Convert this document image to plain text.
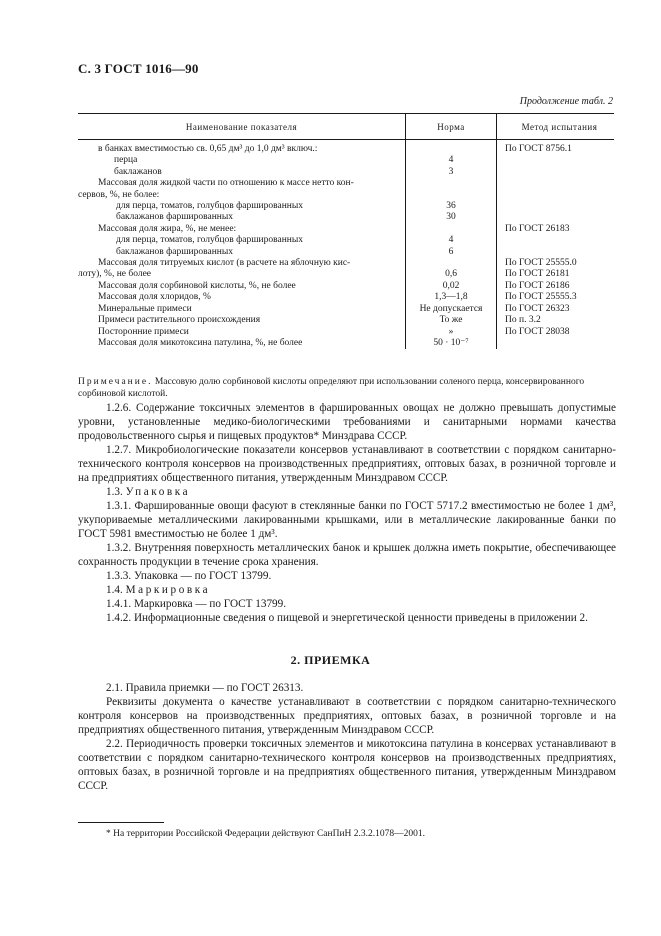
С. 3 ГОСТ 1016—90
Продолжение табл. 2
Наименование показателя	Норма	Метод испытания
в банках вместимостью св. 0,65 дм³ до 1,0 дм³ включ.:		По ГОСТ 8756.1
перца	4	
баклажанов	3	
Массовая доля жидкой части по отношению к массе нетто кон-		
сервов, %, не более:		
для перца, томатов, голубцов фаршированных	36	
баклажанов фаршированных	30	
Массовая доля жира, %, не менее:		По ГОСТ 26183
для перца, томатов, голубцов фаршированных	4	
баклажанов фаршированных	6	
Массовая доля титруемых кислот (в расчете на яблочную кис-		По ГОСТ 25555.0
лоту), %, не более	0,6	По ГОСТ 26181
Массовая доля сорбиновой кислоты, %, не более	0,02	По ГОСТ 26186
Массовая доля хлоридов, %	1,3—1,8	По ГОСТ 25555.3
Минеральные примеси	Не допускается	По ГОСТ 26323
Примеси растительного происхождения	То же	По п. 3.2
Посторонние примеси	»	По ГОСТ 28038
Массовая доля микотоксина патулина, %, не более	50 · 10⁻⁷	
Примечание. Массовую долю сорбиновой кислоты определяют при использовании соленого перца, консервированного сорбиновой кислотой.

1.2.6. Содержание токсичных элементов в фаршированных овощах не должно превышать допустимые уровни, установленные медико-биологическими требованиями и санитарными нормами качества продовольственного сырья и пищевых продуктов* Минздрава СССР.

1.2.7. Микробиологические показатели консервов устанавливают в соответствии с порядком санитарно-технического контроля консервов на производственных предприятиях, оптовых базах, в розничной торговле и на предприятиях общественного питания, утвержденным Минздравом СССР.

1.3. Упаковка

1.3.1. Фаршированные овощи фасуют в стеклянные банки по ГОСТ 5717.2 вместимостью не более 1 дм³, укупориваемые металлическими лакированными крышками, или в металлические лакированные банки по ГОСТ 5981 вместимостью не более 1 дм³.

1.3.2. Внутренняя поверхность металлических банок и крышек должна иметь покрытие, обеспечивающее сохранность продукции в течение срока хранения.

1.3.3. Упаковка — по ГОСТ 13799.

1.4. Маркировка

1.4.1. Маркировка — по ГОСТ 13799.

1.4.2. Информационные сведения о пищевой и энергетической ценности приведены в приложении 2.

2. ПРИЕМКА

2.1. Правила приемки — по ГОСТ 26313.

Реквизиты документа о качестве устанавливают в соответствии с порядком санитарно-технического контроля консервов на производственных предприятиях, оптовых базах, в розничной торговле и на предприятиях общественного питания, утвержденным Минздравом СССР.

2.2. Периодичность проверки токсичных элементов и микотоксина патулина в консервах устанавливают в соответствии с порядком санитарно-технического контроля консервов на производственных предприятиях, оптовых базах, в розничной торговле и на предприятиях общественного питания, утвержденным Минздравом СССР.

* На территории Российской Федерации действуют СанПиН 2.3.2.1078—2001.
